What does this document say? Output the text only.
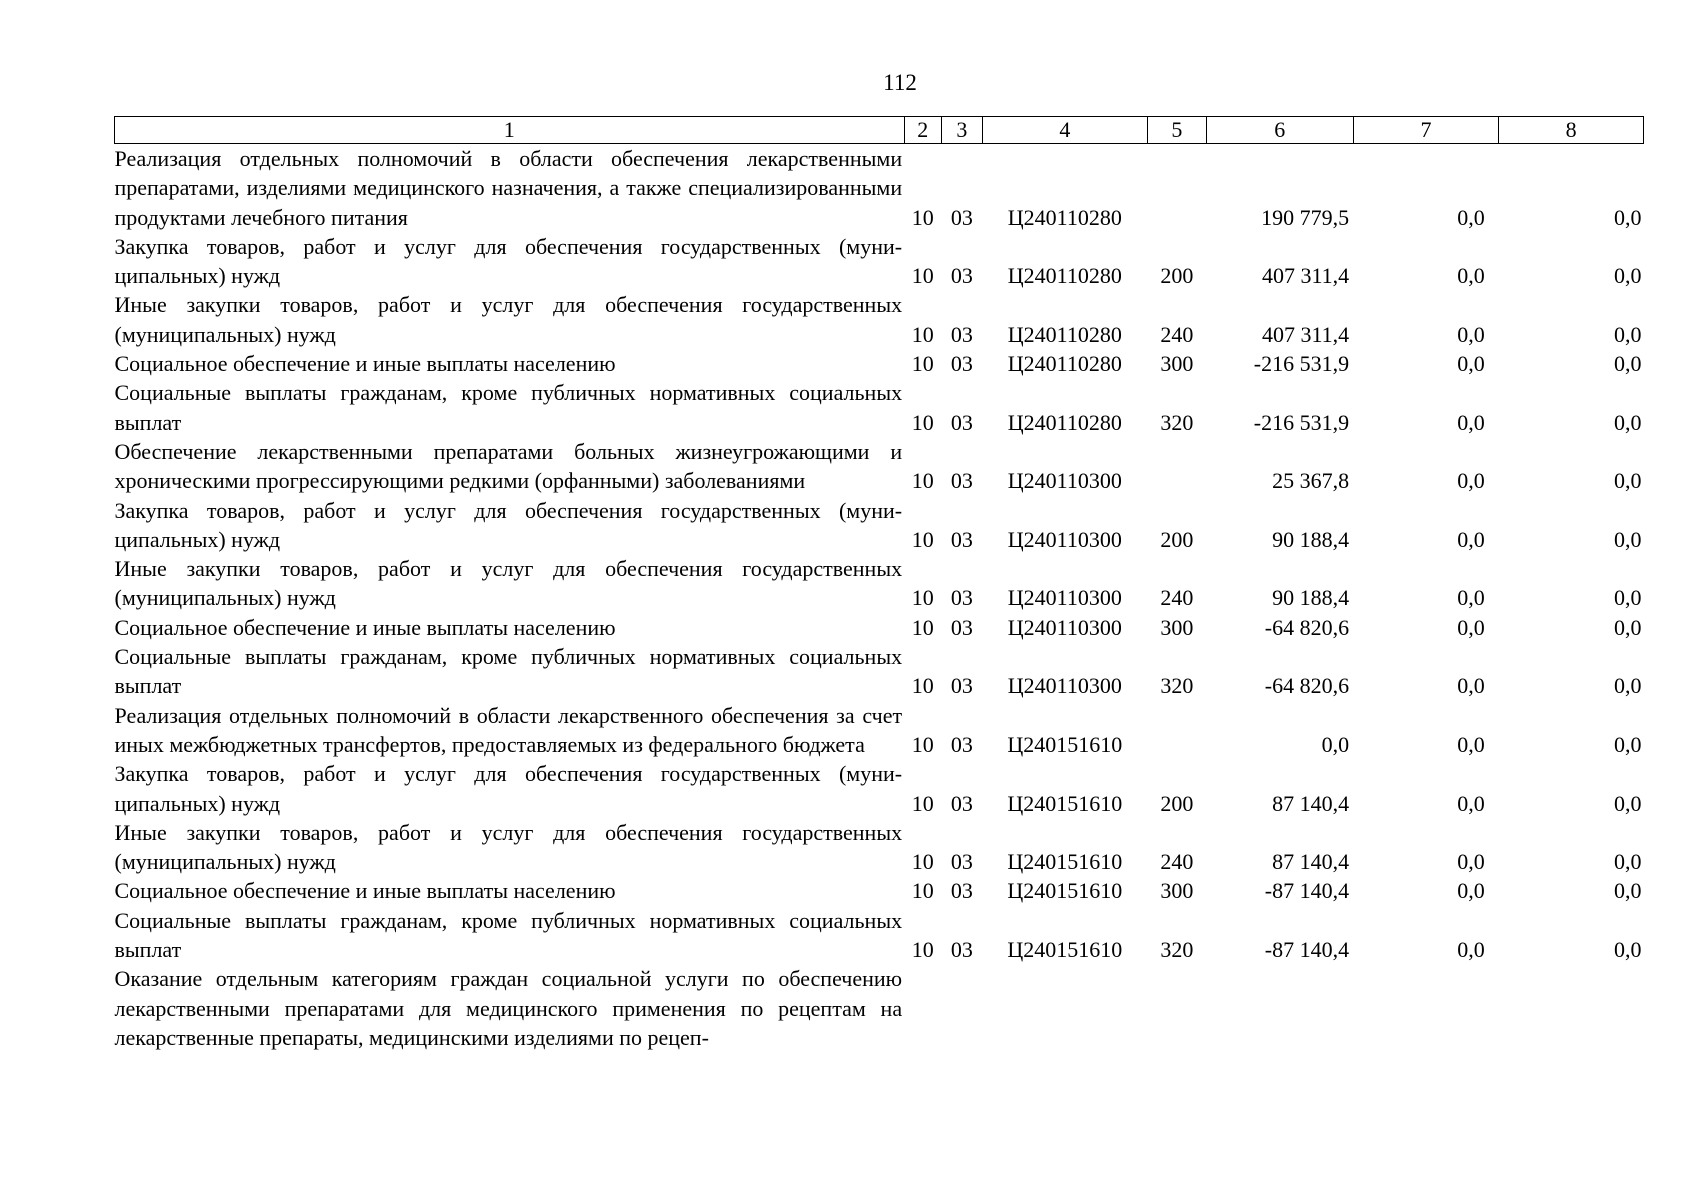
112
1	2	3	4	5	6	7	8
Реализация отдельных полномочий в области обеспечения лекарственными препаратами, изделиями медицинского назначения, а также специализированными продуктами лечебного питания	10	03	Ц240110280		190 779,5	0,0	0,0
Закупка товаров, работ и услуг для обеспечения государственных (муниципальных) нужд	10	03	Ц240110280	200	407 311,4	0,0	0,0
Иные закупки товаров, работ и услуг для обеспечения государственных (муниципальных) нужд	10	03	Ц240110280	240	407 311,4	0,0	0,0
Социальное обеспечение и иные выплаты населению	10	03	Ц240110280	300	-216 531,9	0,0	0,0
Социальные выплаты гражданам, кроме публичных нормативных социальных выплат	10	03	Ц240110280	320	-216 531,9	0,0	0,0
Обеспечение лекарственными препаратами больных жизнеугрожающими и хроническими прогрессирующими редкими (орфанными) заболеваниями	10	03	Ц240110300		25 367,8	0,0	0,0
Закупка товаров, работ и услуг для обеспечения государственных (муниципальных) нужд	10	03	Ц240110300	200	90 188,4	0,0	0,0
Иные закупки товаров, работ и услуг для обеспечения государственных (муниципальных) нужд	10	03	Ц240110300	240	90 188,4	0,0	0,0
Социальное обеспечение и иные выплаты населению	10	03	Ц240110300	300	-64 820,6	0,0	0,0
Социальные выплаты гражданам, кроме публичных нормативных социальных выплат	10	03	Ц240110300	320	-64 820,6	0,0	0,0
Реализация отдельных полномочий в области лекарственного обеспечения за счет иных межбюджетных трансфертов, предоставляемых из федерального бюджета	10	03	Ц240151610		0,0	0,0	0,0
Закупка товаров, работ и услуг для обеспечения государственных (муниципальных) нужд	10	03	Ц240151610	200	87 140,4	0,0	0,0
Иные закупки товаров, работ и услуг для обеспечения государственных (муниципальных) нужд	10	03	Ц240151610	240	87 140,4	0,0	0,0
Социальное обеспечение и иные выплаты населению	10	03	Ц240151610	300	-87 140,4	0,0	0,0
Социальные выплаты гражданам, кроме публичных нормативных социальных выплат	10	03	Ц240151610	320	-87 140,4	0,0	0,0
Оказание отдельным категориям граждан социальной услуги по обеспечению лекарственными препаратами для медицинского применения по рецептам на лекарственные препараты, медицинскими изделиями по рецеп-							
